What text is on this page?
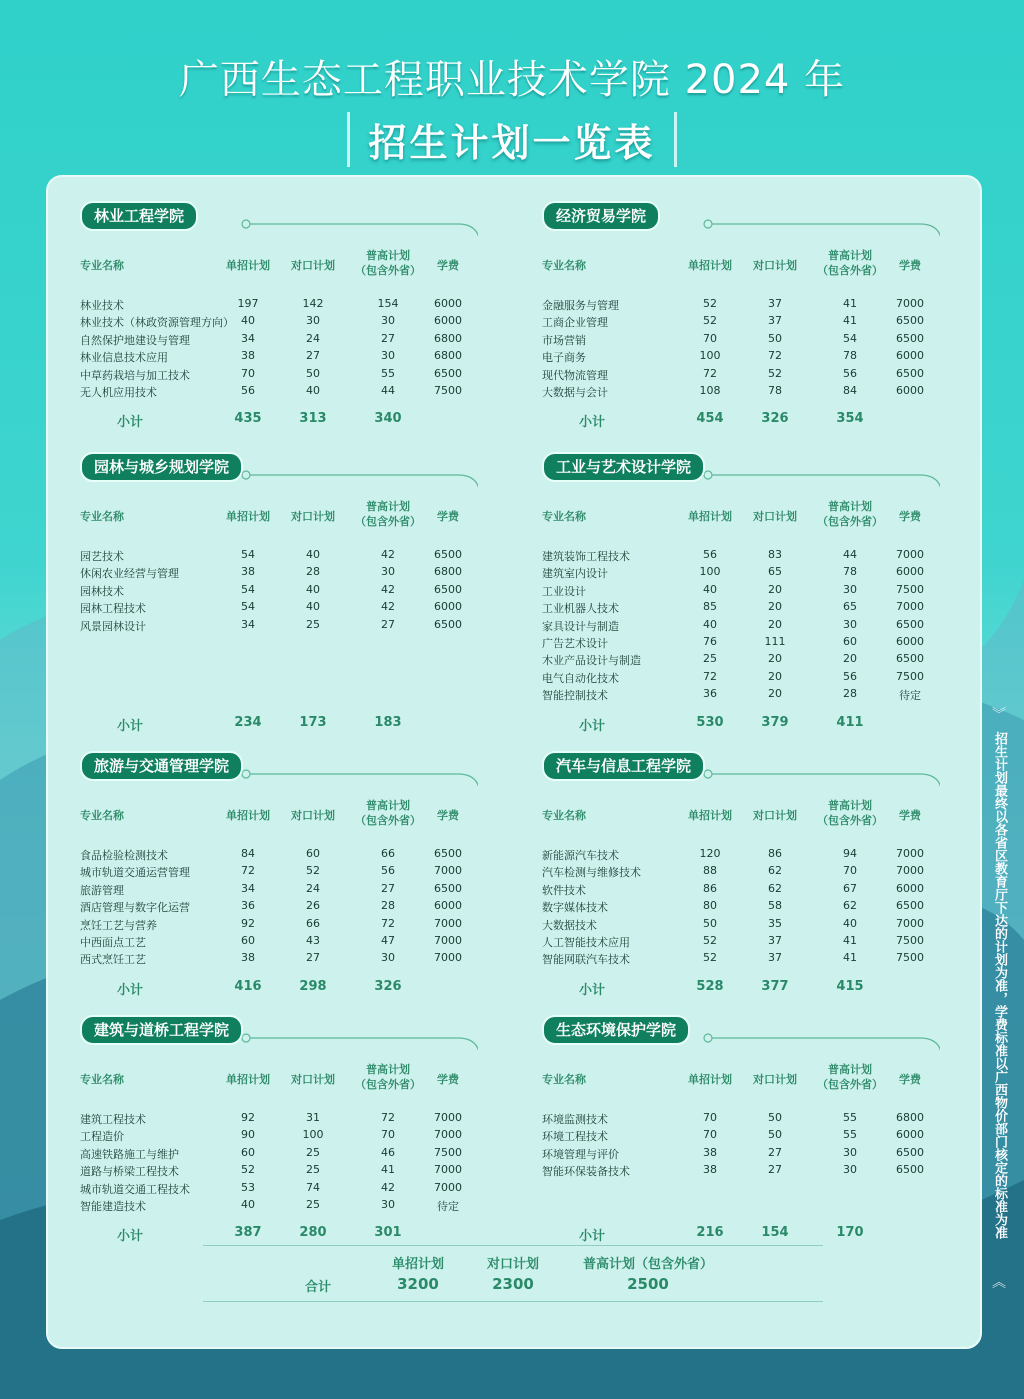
广西生态工程职业技术学院 2024 年
招生计划一览表
单招计划	对口计划	普高计划（包含外省）
合计	3200	2300	2500
林业工程学院
专业名称	单招计划	对口计划
普高计划
（包含外省）	学费
林业技术	197	142	154	6000
林业技术（林政资源管理方向） 40	30	30	6000
自然保护地建设与管理	34	24	27	6800
林业信息技术应用	38	27	30	6800
中草药栽培与加工技术	70	50	55	6500
无人机应用技术	56	40	44	7500
小计	435	313	340
经济贸易学院
专业名称	单招计划	对口计划
普高计划
（包含外省）	学费
金融服务与管理	52	37	41	7000
工商企业管理	52	37	41	6500
市场营销	70	50	54	6500
电子商务	100	72	78	6000
现代物流管理	72	52	56	6500
大数据与会计	108	78	84	6000
小计	454	326	354
园林与城乡规划学院
专业名称	单招计划	对口计划
普高计划
（包含外省）	学费
园艺技术	54	40	42	6500
休闲农业经营与管理	38	28	30	6800
园林技术	54	40	42	6500
园林工程技术	54	40	42	6000
风景园林设计	34	25	27	6500
小计	234	173	183
工业与艺术设计学院
专业名称	单招计划	对口计划
普高计划
（包含外省）	学费
建筑装饰工程技术	56	83	44	7000
建筑室内设计	100	65	78	6000
工业设计	40	20	30	7500
工业机器人技术	85	20	65	7000
家具设计与制造	40	20	30	6500
广告艺术设计	76	111	60	6000
木业产品设计与制造	25	20	20	6500
电气自动化技术	72	20	56	7500
智能控制技术	36	20	28	待定
小计	530	379	411
旅游与交通管理学院
专业名称	单招计划	对口计划
普高计划
（包含外省）	学费
食品检验检测技术	84	60	66	6500
城市轨道交通运营管理	72	52	56	7000
旅游管理	34	24	27	6500
酒店管理与数字化运营	36	26	28	6000
烹饪工艺与营养	92	66	72	7000
中西面点工艺	60	43	47	7000
西式烹饪工艺	38	27	30	7000
小计	416	298	326
汽车与信息工程学院
专业名称	单招计划	对口计划
普高计划
（包含外省）	学费
新能源汽车技术	120	86	94	7000
汽车检测与维修技术	88	62	70	7000
软件技术	86	62	67	6000
数字媒体技术	80	58	62	6500
大数据技术	50	35	40	7000
人工智能技术应用	52	37	41	7500
智能网联汽车技术	52	37	41	7500
小计	528	377	415
建筑与道桥工程学院
专业名称	单招计划	对口计划
普高计划
（包含外省）	学费
建筑工程技术	92	31	72	7000
工程造价	90	100	70	7000
高速铁路施工与维护	60	25	46	7500
道路与桥梁工程技术	52	25	41	7000
城市轨道交通工程技术	53	74	42	7000
智能建造技术	40	25	30	待定
小计	387	280	301
生态环境保护学院
专业名称	单招计划	对口计划
普高计划
（包含外省）	学费
环境监测技术	70	50	55	6800
环境工程技术	70	50	55	6000
环境管理与评价	38	27	30	6500
智能环保装备技术	38	27	30	6500
小计	216	154	170
︾
招生计划最终以各省区教育厅下达的计划为准，学费标准以广西物价部门核定的标准为准
︽
